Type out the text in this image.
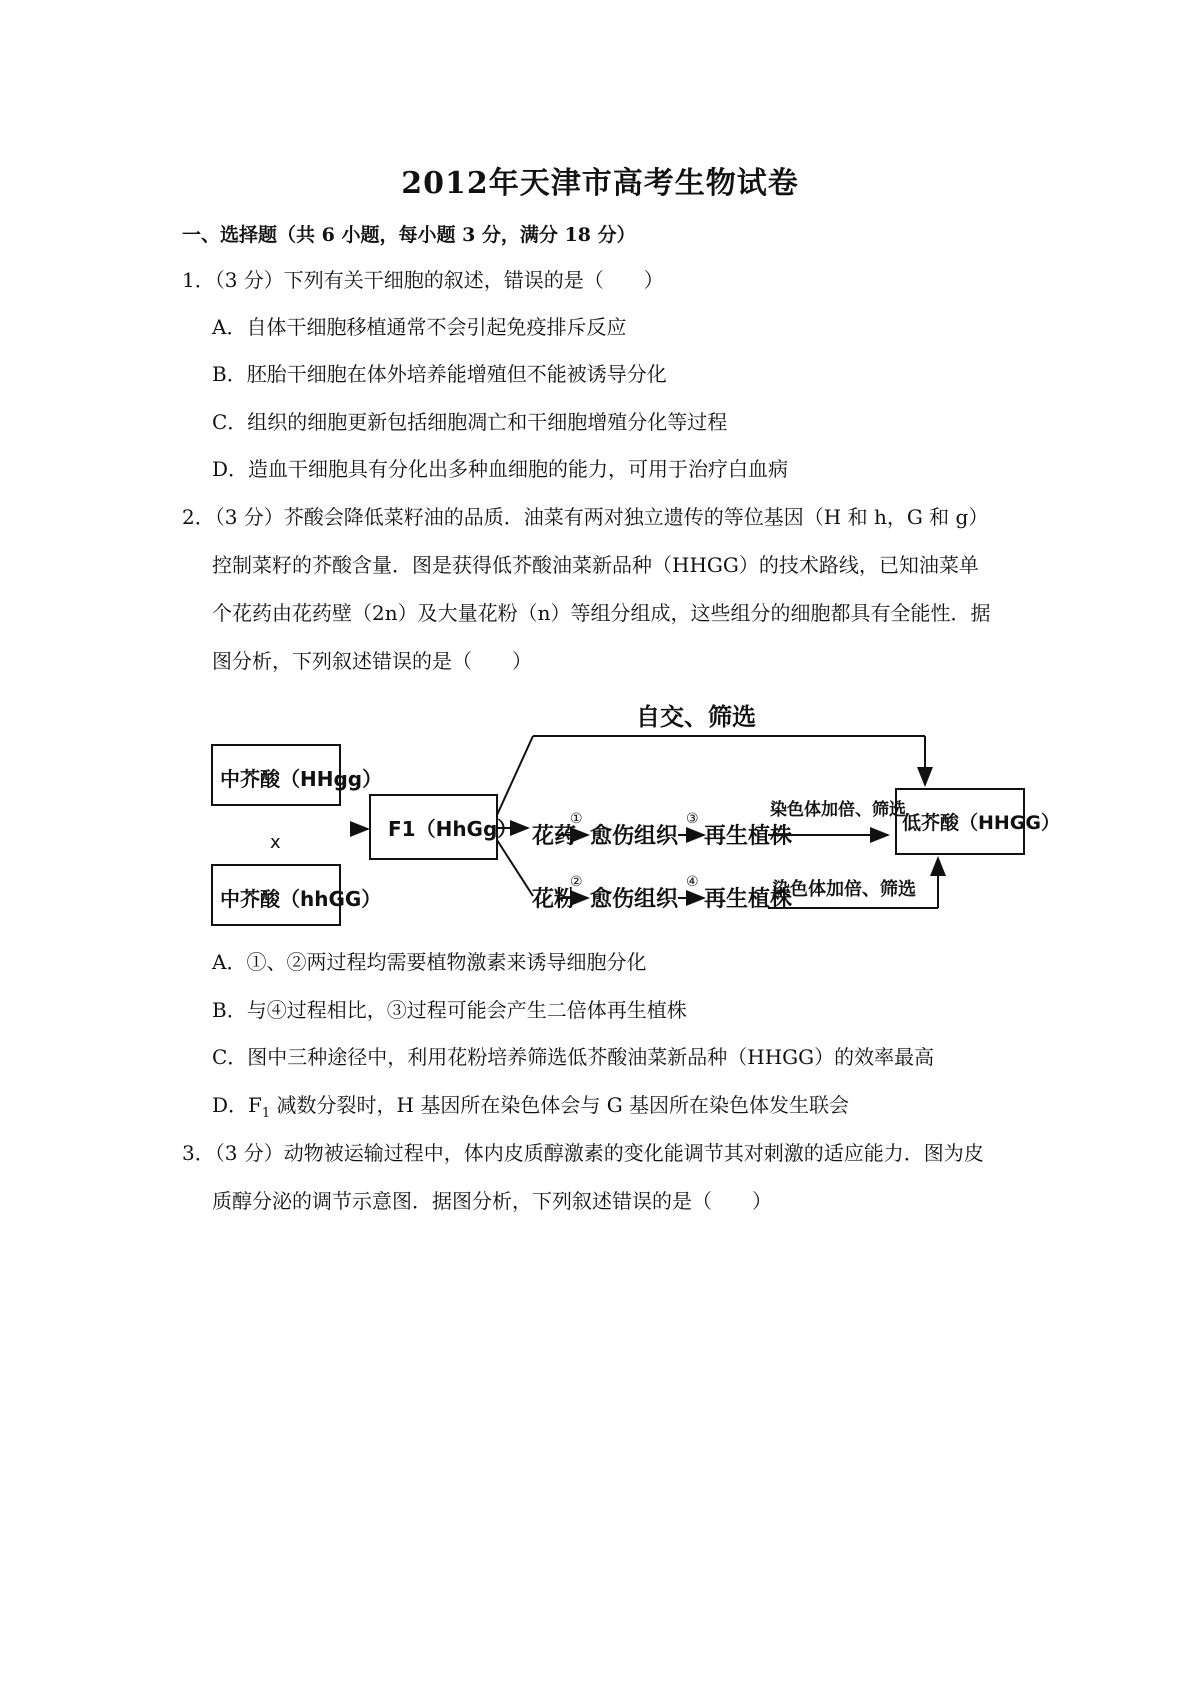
2012年天津市高考生物试卷
一、选择题（共 6 小题，每小题 3 分，满分 18 分）
1．（3 分）下列有关干细胞的叙述，错误的是（　　）
A．自体干细胞移植通常不会引起免疫排斥反应
B．胚胎干细胞在体外培养能增殖但不能被诱导分化
C．组织的细胞更新包括细胞凋亡和干细胞增殖分化等过程
D．造血干细胞具有分化出多种血细胞的能力，可用于治疗白血病
2．（3 分）芥酸会降低菜籽油的品质．油菜有两对独立遗传的等位基因（H 和 h，G 和 g）
控制菜籽的芥酸含量．图是获得低芥酸油菜新品种（HHGG）的技术路线，已知油菜单
个花药由花药壁（2n）及大量花粉（n）等组分组成，这些组分的细胞都具有全能性．据
图分析，下列叙述错误的是（　　）
自交、筛选
中芥酸（HHgg）
x
中芥酸（hhGG）
F1（HhGg） 花药
①
愈伤组织
③
再生植株
染色体加倍、筛选
花粉
②
愈伤组织
④
再生植株
染色体加倍、筛选
低芥酸（HHGG）
A．①、②两过程均需要植物激素来诱导细胞分化
B．与④过程相比，③过程可能会产生二倍体再生植株
C．图中三种途径中，利用花粉培养筛选低芥酸油菜新品种（HHGG）的效率最高
D．$F_1$ 减数分裂时，H 基因所在染色体会与 G 基因所在染色体发生联会
3．（3 分）动物被运输过程中，体内皮质醇激素的变化能调节其对刺激的适应能力．图为皮
质醇分泌的调节示意图．据图分析，下列叙述错误的是（　　）
